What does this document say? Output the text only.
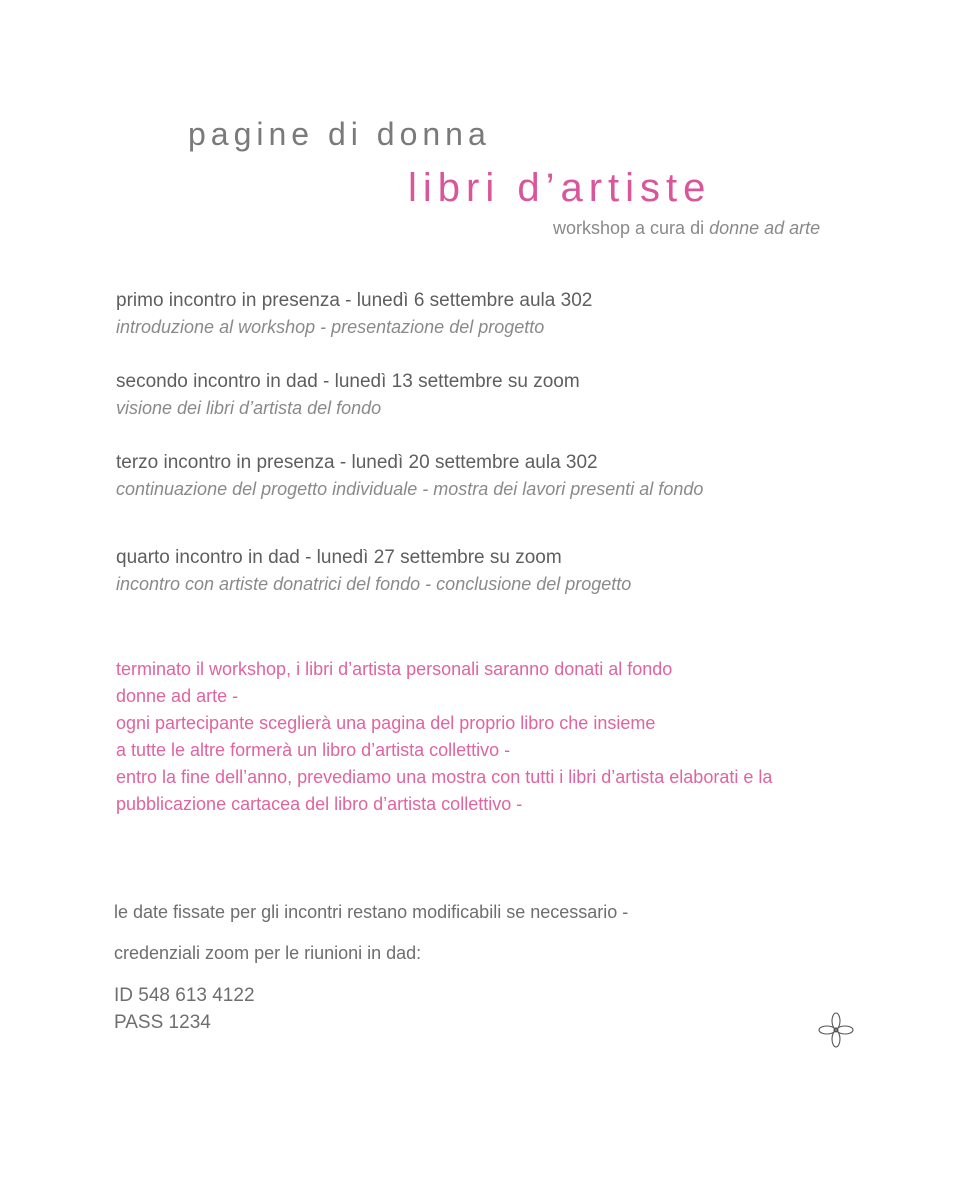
pagine di donna
libri d’artiste
workshop a cura di donne ad arte
primo incontro in presenza - lunedì 6 settembre aula 302
introduzione al workshop - presentazione del progetto
secondo incontro in dad - lunedì 13 settembre su zoom
visione dei libri d’artista del fondo
terzo incontro in presenza - lunedì 20 settembre aula 302
continuazione del progetto individuale - mostra dei lavori presenti al fondo
quarto incontro in dad - lunedì 27 settembre su zoom
incontro con artiste donatrici del fondo - conclusione del progetto
terminato il workshop, i libri d’artista personali saranno donati al fondo
donne ad arte -
ogni partecipante sceglierà una pagina del proprio libro che insieme
a tutte le altre formerà un libro d’artista collettivo -
entro la fine dell’anno, prevediamo una mostra con tutti i libri d’artista elaborati e la
pubblicazione cartacea del libro d’artista collettivo -
le date fissate per gli incontri restano modificabili se necessario -
credenziali zoom per le riunioni in dad:
ID 548 613 4122
PASS 1234
